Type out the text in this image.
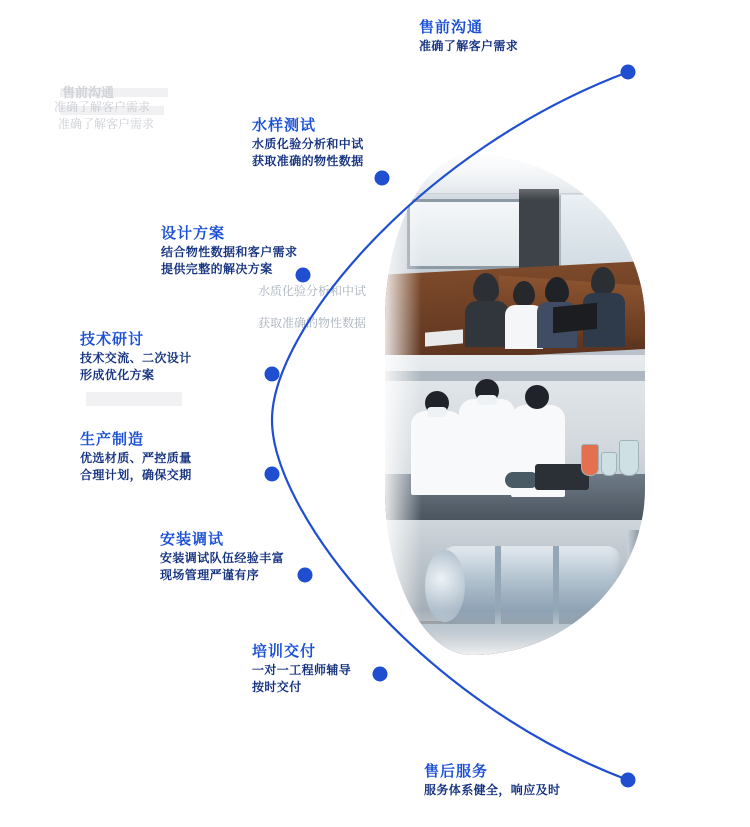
售前沟通
准确了解客户需求
准确了解客户需求
水质化验分析和中试
获取准确的物性数据
售前沟通
准确了解客户需求
水样测试
水质化验分析和中试
获取准确的物性数据
设计方案
结合物性数据和客户需求
提供完整的解决方案
技术研讨
技术交流、二次设计
形成优化方案
生产制造
优选材质、严控质量
合理计划，确保交期
安装调试
安装调试队伍经验丰富
现场管理严谨有序
培训交付
一对一工程师辅导
按时交付
售后服务
服务体系健全，响应及时
